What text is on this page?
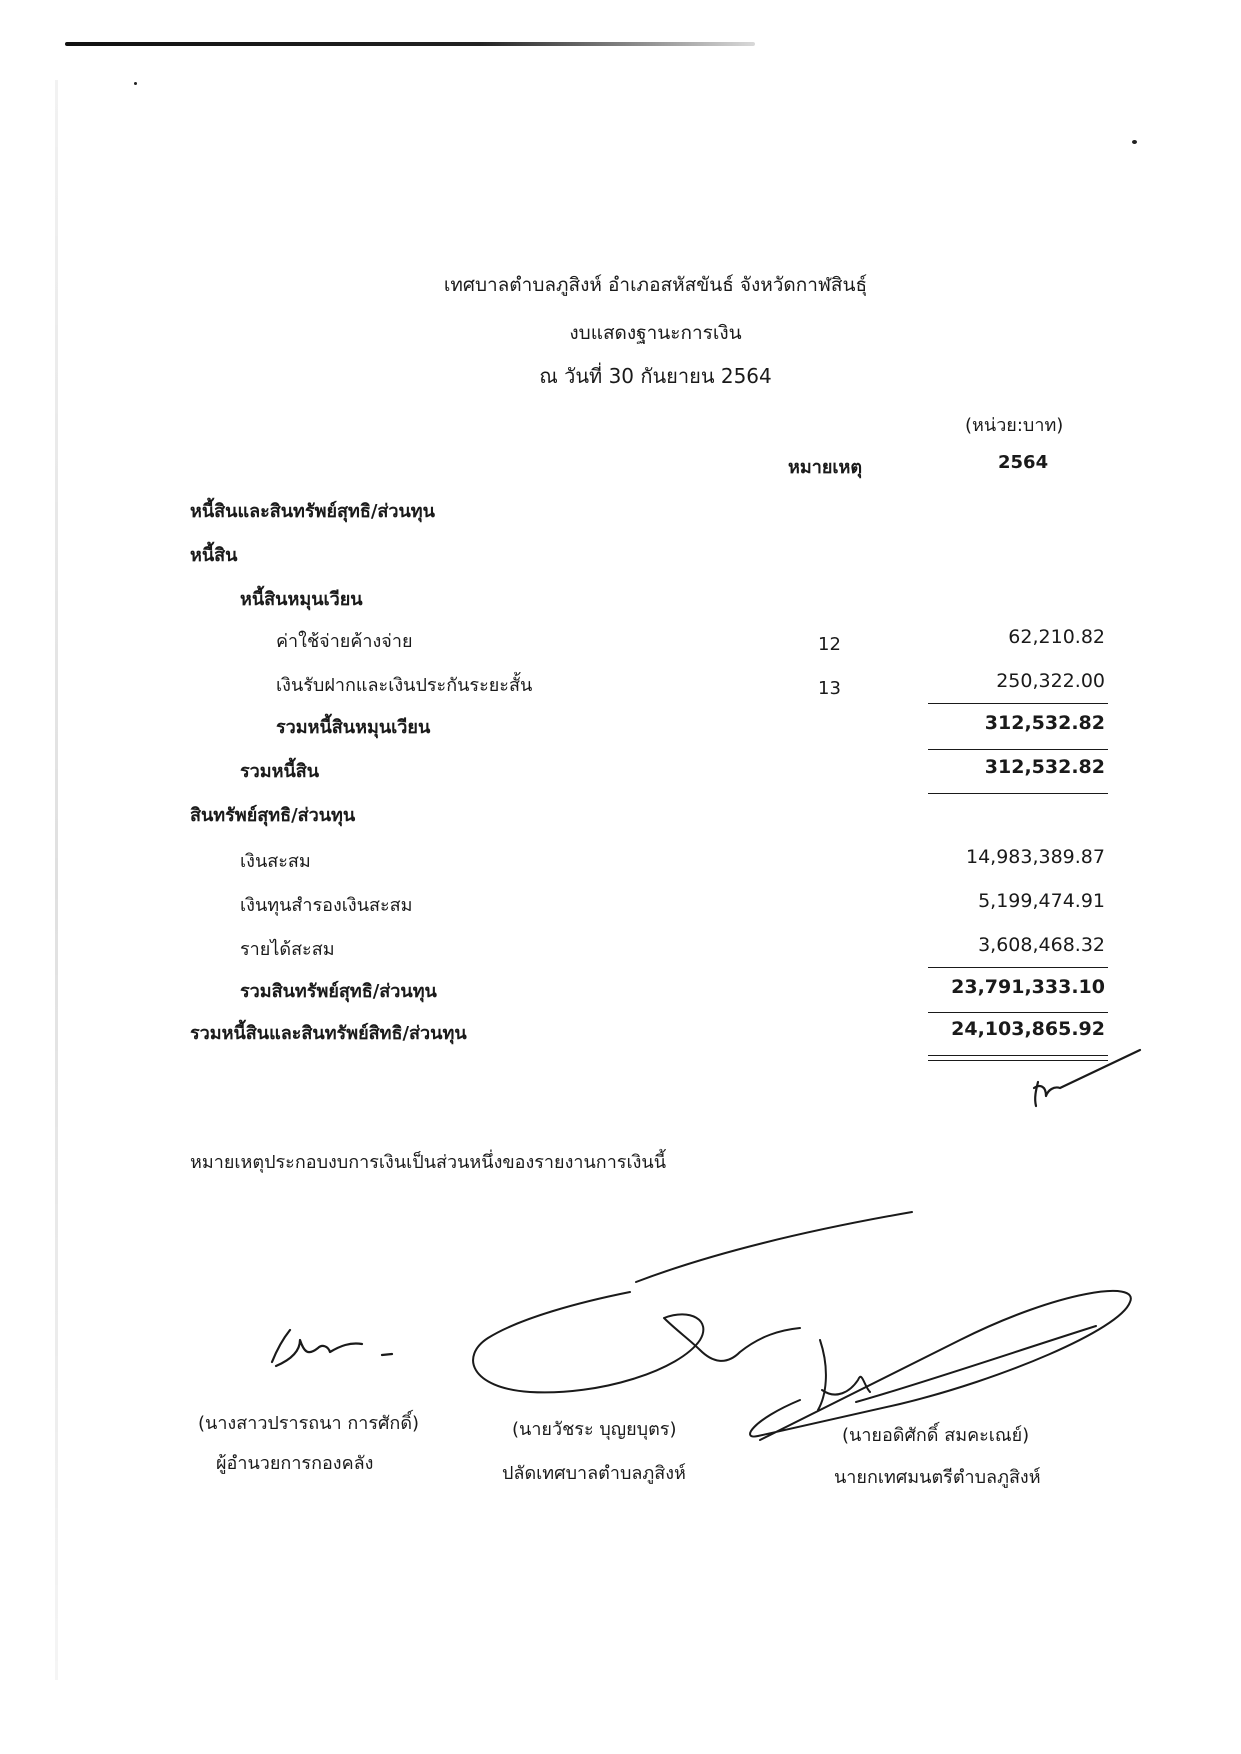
เทศบาลตำบลภูสิงห์ อำเภอสหัสขันธ์ จังหวัดกาฬสินธุ์
งบแสดงฐานะการเงิน
ณ วันที่ 30 กันยายน 2564
(หน่วย:บาท)
หมายเหตุ	2564
หนี้สินและสินทรัพย์สุทธิ/ส่วนทุน
หนี้สิน
หนี้สินหมุนเวียน
ค่าใช้จ่ายค้างจ่าย	12	62,210.82
เงินรับฝากและเงินประกันระยะสั้น	13	250,322.00
รวมหนี้สินหมุนเวียน	312,532.82
รวมหนี้สิน	312,532.82
สินทรัพย์สุทธิ/ส่วนทุน
เงินสะสม	14,983,389.87
เงินทุนสำรองเงินสะสม	5,199,474.91
รายได้สะสม	3,608,468.32
รวมสินทรัพย์สุทธิ/ส่วนทุน	23,791,333.10
รวมหนี้สินและสินทรัพย์สิทธิ/ส่วนทุน	24,103,865.92
หมายเหตุประกอบงบการเงินเป็นส่วนหนึ่งของรายงานการเงินนี้
(นางสาวปรารถนา การศักดิ์)
ผู้อำนวยการกองคลัง
(นายวัชระ บุญยบุตร)
ปลัดเทศบาลตำบลภูสิงห์
(นายอดิศักดิ์ สมคะเณย์)
นายกเทศมนตรีตำบลภูสิงห์
